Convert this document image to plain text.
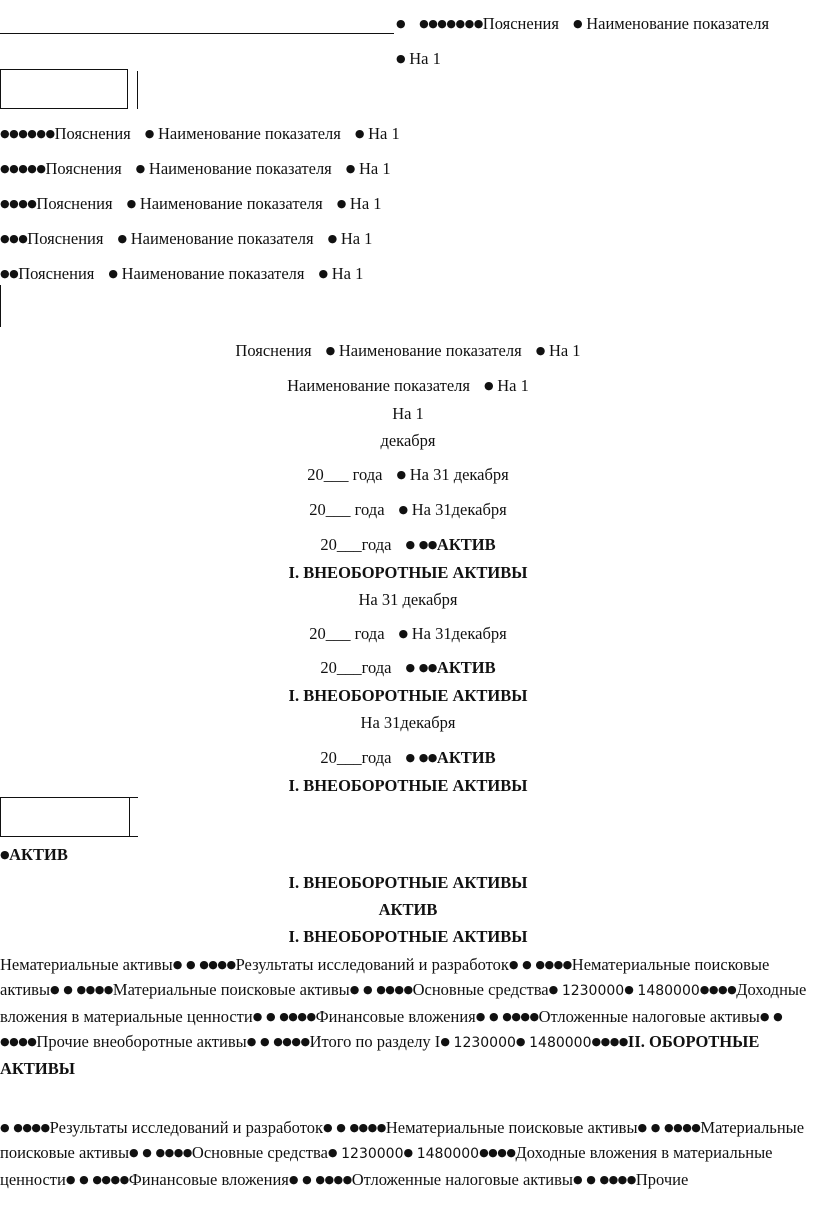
● ●●●●●●●Пояснения ● Наименование показателя
● На 1
●●●●●●Пояснения ● Наименование показателя ● На 1
●●●●●Пояснения ● Наименование показателя ● На 1
●●●●Пояснения ● Наименование показателя ● На 1
●●●Пояснения ● Наименование показателя ● На 1
●●Пояснения ● Наименование показателя ● На 1
Пояснения ● Наименование показателя ● На 1
Наименование показателя ● На 1
На 1
декабря
20___ года ● На 31 декабря
20___ года ● На 31декабря
20___года ● ●●АКТИВ
I. ВНЕОБОРОТНЫЕ АКТИВЫ
На 31 декабря
20___ года ● На 31декабря
20___года ● ●●АКТИВ
I. ВНЕОБОРОТНЫЕ АКТИВЫ
На 31декабря
20___года ● ●●АКТИВ
I. ВНЕОБОРОТНЫЕ АКТИВЫ
●АКТИВ
I. ВНЕОБОРОТНЫЕ АКТИВЫ
АКТИВ
I. ВНЕОБОРОТНЫЕ АКТИВЫ
Нематериальные активы● ● ●●●●Результаты исследований и разработок● ● ●●●●Нематериальные поисковые активы● ● ●●●●Материальные поисковые активы● ● ●●●●Основные средства● 1230000● 1480000●●●●Доходные вложения в материальные ценности● ● ●●●●Финансовые вложения● ● ●●●●Отложенные налоговые активы● ● ●●●●Прочие внеоборотные активы● ● ●●●●Итого по разделу I● 1230000● 1480000●●●●II. ОБОРОТНЫЕ АКТИВЫ
● ●●●●Результаты исследований и разработок● ● ●●●●Нематериальные поисковые активы● ● ●●●●Материальные поисковые активы● ● ●●●●Основные средства● 1230000● 1480000●●●●Доходные вложения в материальные ценности● ● ●●●●Финансовые вложения● ● ●●●●Отложенные налоговые активы● ● ●●●●Прочие
